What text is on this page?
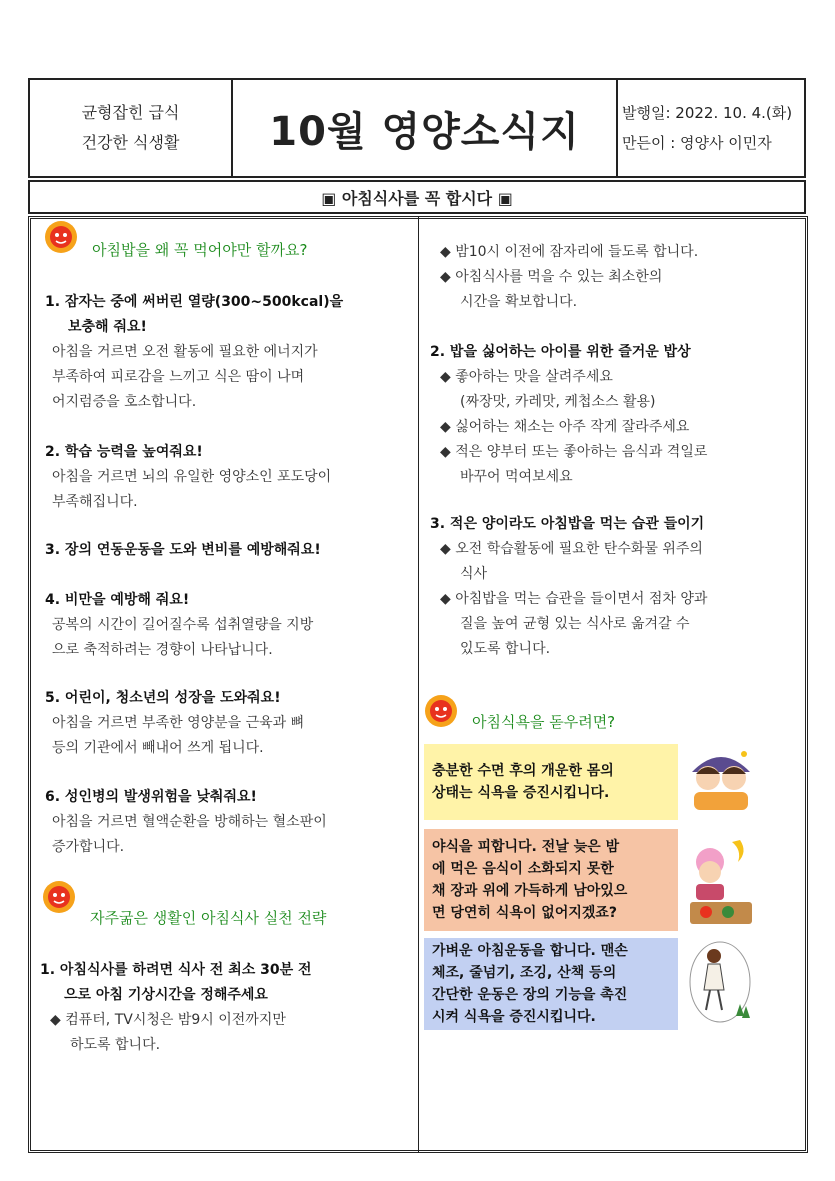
균형잡힌 급식
건강한 식생활	10월 영양소식지	발행일: 2022. 10. 4.(화)
만든이 : 영양사 이민자
▣ 아침식사를 꼭 합시다 ▣
아침밥을 왜 꼭 먹어야만 할까요?
1. 잠자는 중에 써버린 열량(300~500kcal)을
보충해 줘요!
아침을 거르면 오전 활동에 필요한 에너지가
부족하여 피로감을 느끼고 식은 땀이 나며
어지럼증을 호소합니다.
2. 학습 능력을 높여줘요!
아침을 거르면 뇌의 유일한 영양소인 포도당이
부족해집니다.
3. 장의 연동운동을 도와 변비를 예방해줘요!
4. 비만을 예방해 줘요!
공복의 시간이 길어질수록 섭취열량을 지방
으로 축적하려는 경향이 나타납니다.
5. 어린이, 청소년의 성장을 도와줘요!
아침을 거르면 부족한 영양분을 근육과 뼈
등의 기관에서 빼내어 쓰게 됩니다.
6. 성인병의 발생위험을 낮춰줘요!
아침을 거르면 혈액순환을 방해하는 혈소판이
증가합니다.
자주굶은 생활인 아침식사 실천 전략
1. 아침식사를 하려면 식사 전 최소 30분 전
으로 아침 기상시간을 정해주세요
◆ 컴퓨터, TV시청은 밤9시 이전까지만
하도록 합니다.
◆ 밤10시 이전에 잠자리에 들도록 합니다.
◆ 아침식사를 먹을 수 있는 최소한의
시간을 확보합니다.
2. 밥을 싫어하는 아이를 위한 즐거운 밥상
◆ 좋아하는 맛을 살려주세요
(짜장맛, 카레맛, 케첩소스 활용)
◆ 싫어하는 채소는 아주 작게 잘라주세요
◆ 적은 양부터 또는 좋아하는 음식과 격일로
바꾸어 먹여보세요
3. 적은 양이라도 아침밥을 먹는 습관 들이기
◆ 오전 학습활동에 필요한 탄수화물 위주의
식사
◆ 아침밥을 먹는 습관을 들이면서 점차 양과
질을 높여 균형 있는 식사로 옮겨갈 수
있도록 합니다.
아침식욕을 돋우려면?
충분한 수면 후의 개운한 몸의
상태는 식욕을 증진시킵니다.
야식을 피합니다. 전날 늦은 밤
에 먹은 음식이 소화되지 못한
채 장과 위에 가득하게 남아있으
면 당연히 식욕이 없어지겠죠?
가벼운 아침운동을 합니다. 맨손
체조, 줄넘기, 조깅, 산책 등의
간단한 운동은 장의 기능을 촉진
시켜 식욕을 증진시킵니다.
